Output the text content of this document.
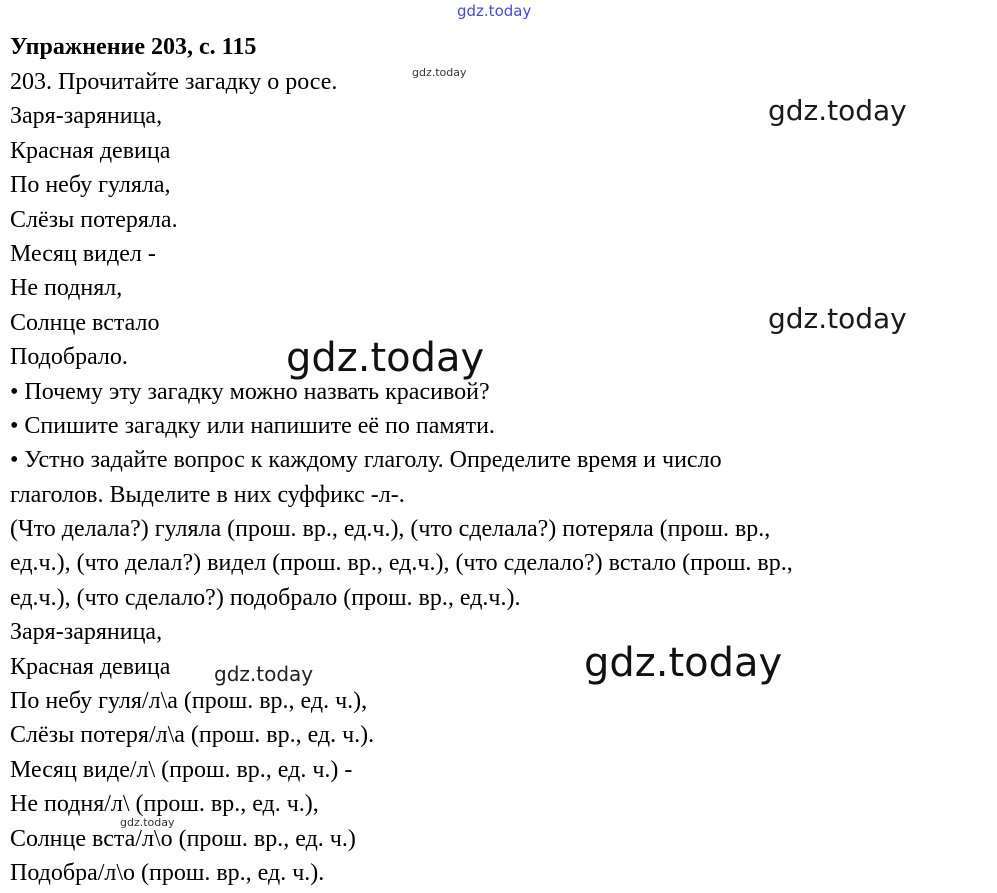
Упражнение 203, с. 115
203. Прочитайте загадку о росе.
Заря-заряница,
Красная девица
По небу гуляла,
Слёзы потеряла.
Месяц видел -
Не поднял,
Солнце встало
Подобрало.
• Почему эту загадку можно назвать красивой?
• Спишите загадку или напишите её по памяти.
• Устно задайте вопрос к каждому глаголу. Определите время и число
глаголов. Выделите в них суффикс -л-.
(Что делала?) гуляла (прош. вр., ед.ч.), (что сделала?) потеряла (прош. вр.,
ед.ч.), (что делал?) видел (прош. вр., ед.ч.), (что сделало?) встало (прош. вр.,
ед.ч.), (что сделало?) подобрало (прош. вр., ед.ч.).
Заря-заряница,
Красная девица
По небу гуля/л\а (прош. вр., ед. ч.),
Слёзы потеря/л\а (прош. вр., ед. ч.).
Месяц виде/л\ (прош. вр., ед. ч.) -
Не подня/л\ (прош. вр., ед. ч.),
Солнце вста/л\о (прош. вр., ед. ч.)
Подобра/л\о (прош. вр., ед. ч.).
gdz.today
gdz.today
gdz.today
gdz.today
gdz.today
gdz.today
gdz.today
gdz.today
